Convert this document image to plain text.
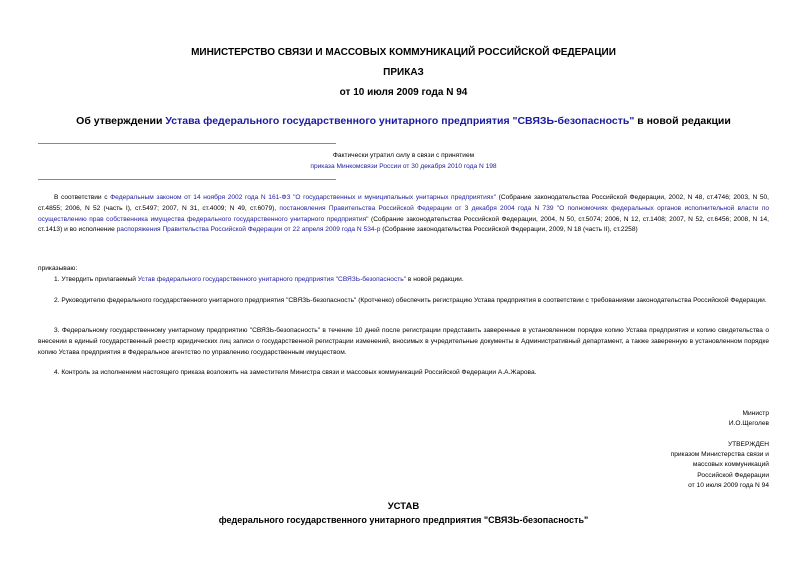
МИНИСТЕРСТВО СВЯЗИ И МАССОВЫХ КОММУНИКАЦИЙ РОССИЙСКОЙ ФЕДЕРАЦИИ
ПРИКАЗ
от 10 июля 2009 года N 94
Об утверждении Устава федерального государственного унитарного предприятия "СВЯЗЬ-безопасность" в новой редакции
Фактически утратил силу в связи с принятием
приказа Минкомсвязи России от 30 декабря 2010 года N 198
В соответствии с Федеральным законом от 14 ноября 2002 года N 161-ФЗ "О государственных и муниципальных унитарных предприятиях" (Собрание законодательства Российской Федерации, 2002, N 48, ст.4746; 2003, N 50, ст.4855; 2006, N 52 (часть I), ст.5497; 2007, N 31, ст.4009; N 49, ст.6079), постановления Правительства Российской Федерации от 3 декабря 2004 года N 739 "О полномочиях федеральных органов исполнительной власти по осуществлению прав собственника имущества федерального государственного унитарного предприятия" (Собрание законодательства Российской Федерации, 2004, N 50, ст.5074; 2006, N 12, ст.1408; 2007, N 52, ст.6456; 2008, N 14, ст.1413) и во исполнение распоряжения Правительства Российской Федерации от 22 апреля 2009 года N 534-р (Собрание законодательства Российской Федерации, 2009, N 18 (часть II), ст.2258)
приказываю:
1. Утвердить прилагаемый Устав федерального государственного унитарного предприятия "СВЯЗЬ-безопасность" в новой редакции.
2. Руководителю федерального государственного унитарного предприятия "СВЯЗЬ-безопасность" (Кротченко) обеспечить регистрацию Устава предприятия в соответствии с требованиями законодательства Российской Федерации.
3. Федеральному государственному унитарному предприятию "СВЯЗЬ-безопасность" в течение 10 дней после регистрации представить заверенные в установленном порядке копию Устава предприятия и копию свидетельства о внесении в единый государственный реестр юридических лиц записи о государственной регистрации изменений, вносимых в учредительные документы в Административный департамент, а также заверенную в установленном порядке копию Устава предприятия в Федеральное агентство по управлению государственным имуществом.
4. Контроль за исполнением настоящего приказа возложить на заместителя Министра связи и массовых коммуникаций Российской Федерации А.А.Жарова.
Министр
И.О.Щеголев
УТВЕРЖДЕН
приказом Министерства связи и
массовых коммуникаций
Российской Федерации
от 10 июля 2009 года N 94
УСТАВ
федерального государственного унитарного предприятия "СВЯЗЬ-безопасность"
